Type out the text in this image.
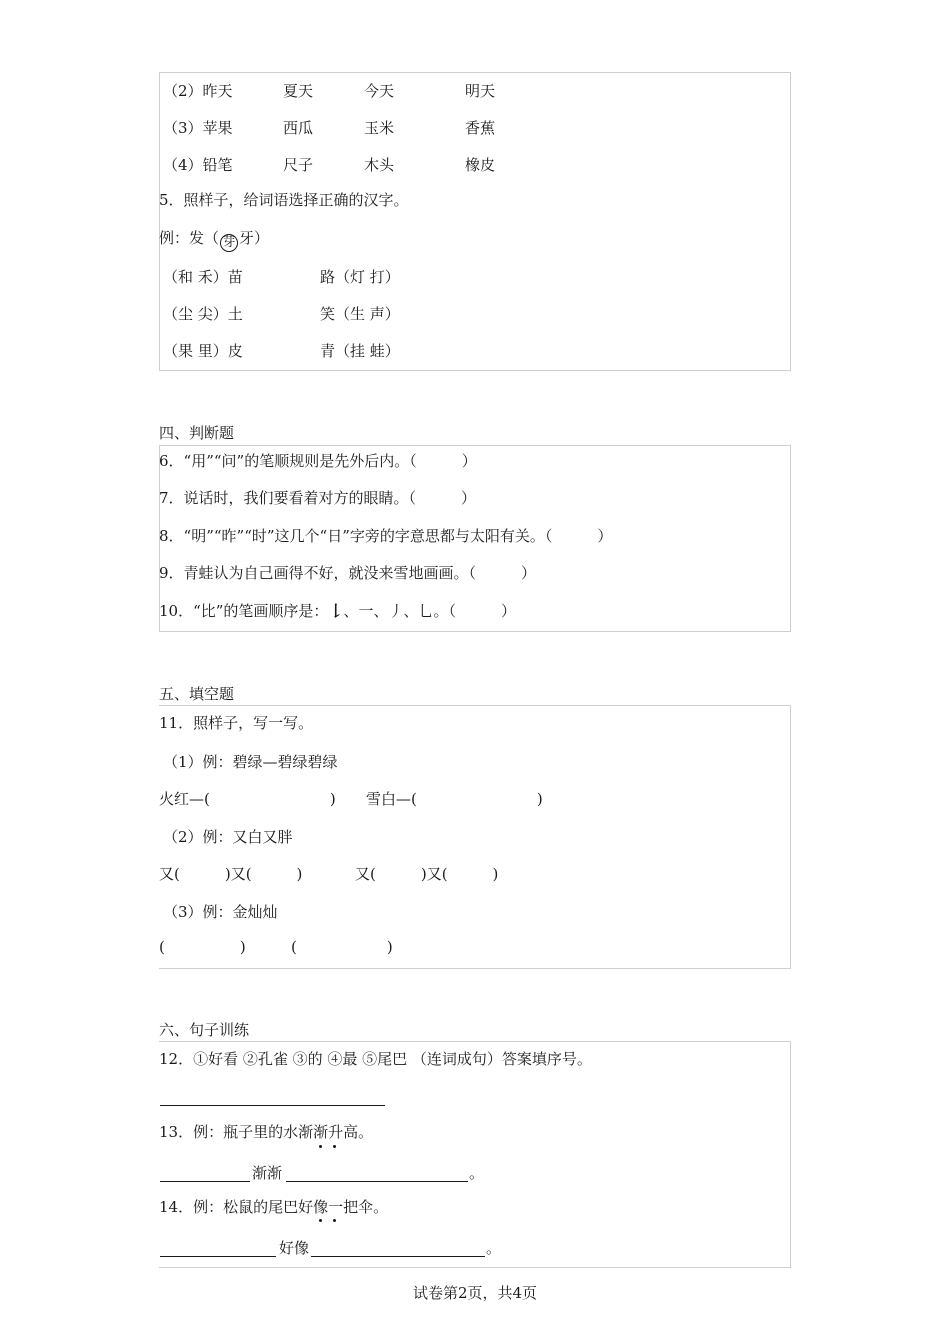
（2）昨天	夏天	今天	明天
（3）苹果	西瓜	玉米	香蕉
（4）铅笔	尺子	木头	橡皮
5．照样子，给词语选择正确的汉字。
例：发（ 芽 牙）
（和 禾）苗	路（灯 打）
（尘 尖）土	笑（生 声）
（果 里）皮	青（挂 蛙）
四、判断题
6．“用”“问”的笔顺规则是先外后内。（　　　）
7．说话时，我们要看着对方的眼睛。（　　　）
8．“明”“昨”“时”这几个“日”字旁的字意思都与太阳有关。（　　　）
9．青蛙认为自己画得不好，就没来雪地画画。（　　　）
10．“比”的笔画顺序是：𠄌、一、丿、乚。（　　　）
五、填空题
11．照样子，写一写。
（1）例：碧绿—碧绿碧绿
火红—(　　　　　　　　) 雪白—(　　　　　　　　)
（2）例：又白又胖
又(　　　)又(　　　)	又(　　　)又(　　　)
（3）例：金灿灿
(　　　　　)	(　　　　　　)
六、句子训练
12．①好看 ②孔雀 ③的 ④最 ⑤尾巴 （连词成句）答案填序号。
13．例：瓶子里的水渐渐升高。
渐渐	。
14．例：松鼠的尾巴好像一把伞。
好像	。
试卷第2页，共4页
